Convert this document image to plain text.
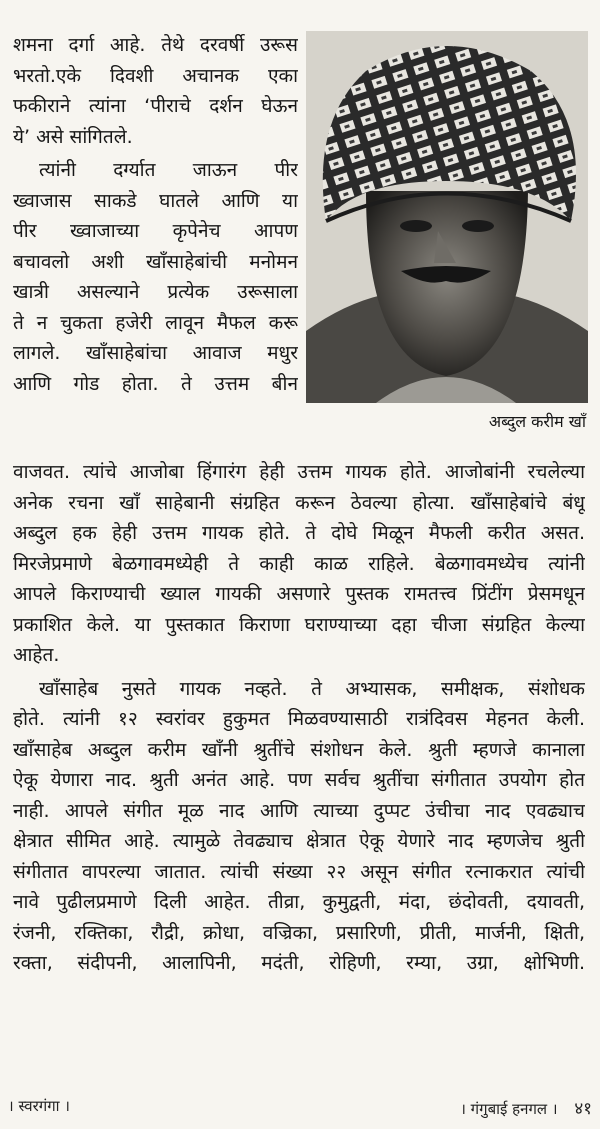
शमना दर्गा आहे. तेथे दरवर्षी उरूस
भरतो.एके दिवशी अचानक एका
फकीराने त्यांना ‘पीराचे दर्शन घेऊन
ये’ असे सांगितले.
त्यांनी दर्ग्यात जाऊन पीर
ख्वाजास साकडे घातले आणि या
पीर ख्वाजाच्या कृपेनेच आपण
बचावलो अशी खाँसाहेबांची मनोमन
खात्री असल्याने प्रत्येक उरूसाला
ते न चुकता हजेरी लावून मैफल करू
लागले. खाँसाहेबांचा आवाज मधुर
आणि गोड होता. ते उत्तम बीन
अब्दुल करीम खाँ
वाजवत. त्यांचे आजोबा हिंगारंग हेही उत्तम गायक होते. आजोबांनी रचलेल्या
अनेक रचना खाँ साहेबानी संग्रहित करून ठेवल्या होत्या. खाँसाहेबांचे बंधू
अब्दुल हक हेही उत्तम गायक होते. ते दोघे मिळून मैफली करीत असत.
मिरजेप्रमाणे बेळगावमध्येही ते काही काळ राहिले. बेळगावमध्येच त्यांनी
आपले किराण्याची ख्याल गायकी असणारे पुस्तक रामतत्त्व प्रिंटींग प्रेसमधून
प्रकाशित केले. या पुस्तकात किराणा घराण्याच्या दहा चीजा संग्रहित केल्या
आहेत.
खाँसाहेब नुसते गायक नव्हते. ते अभ्यासक, समीक्षक, संशोधक
होते. त्यांनी १२ स्वरांवर हुकुमत मिळवण्यासाठी रात्रंदिवस मेहनत केली.
खाँसाहेब अब्दुल करीम खाँनी श्रुतींचे संशोधन केले. श्रुती म्हणजे कानाला
ऐकू येणारा नाद. श्रुती अनंत आहे. पण सर्वच श्रुतींचा संगीतात उपयोग होत
नाही. आपले संगीत मूळ नाद आणि त्याच्या दुप्पट उंचीचा नाद एवढ्याच
क्षेत्रात सीमित आहे. त्यामुळे तेवढ्याच क्षेत्रात ऐकू येणारे नाद म्हणजेच श्रुती
संगीतात वापरल्या जातात. त्यांची संख्या २२ असून संगीत रत्नाकरात त्यांची
नावे पुढीलप्रमाणे दिली आहेत. तीव्रा, कुमुद्वती, मंदा, छंदोवती, दयावती,
रंजनी, रक्तिका, रौद्री, क्रोधा, वज्रिका, प्रसारिणी, प्रीती, मार्जनी, क्षिती,
रक्ता, संदीपनी, आलापिनी, मदंती, रोहिणी, रम्या, उग्रा, क्षोभिणी.
। स्वरगंगा ।	। गंगुबाई हनगल । ४१
